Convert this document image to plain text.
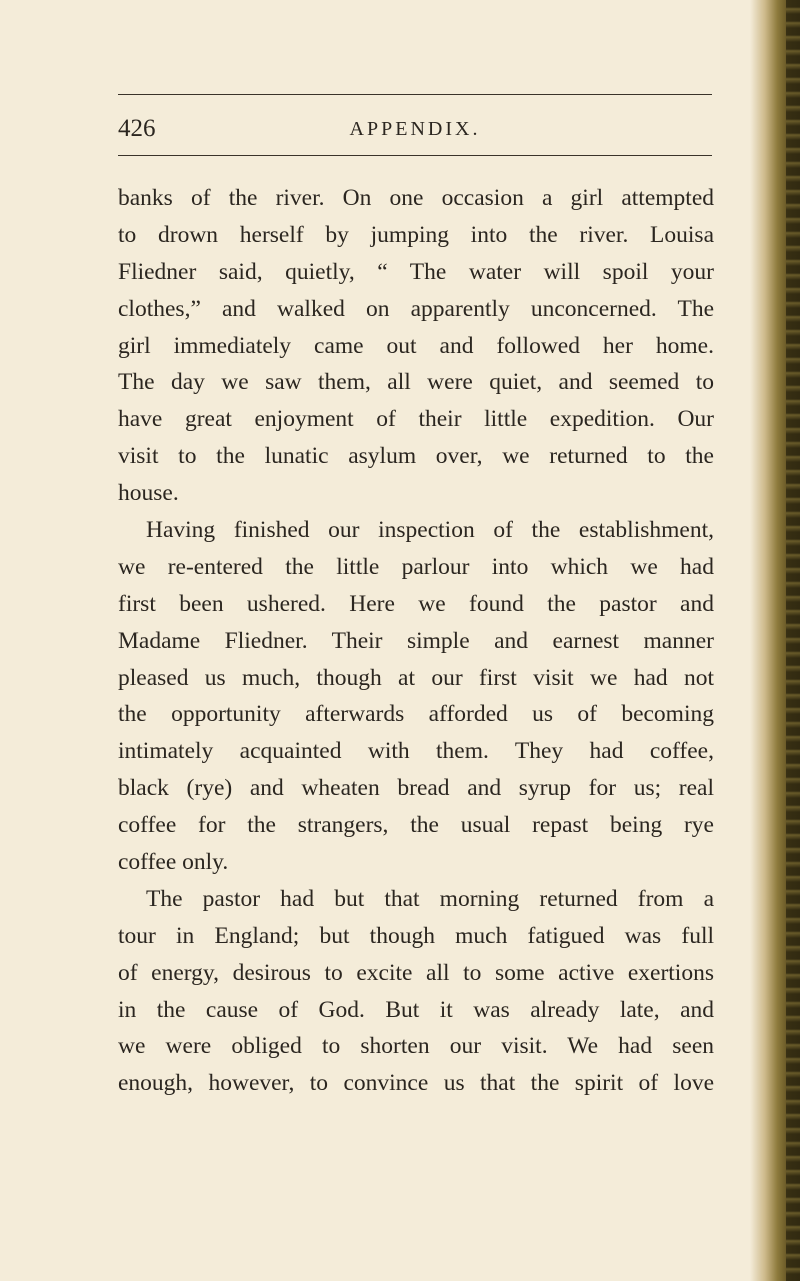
426	APPENDIX.
banks of the river. On one occasion a girl attempted
to drown herself by jumping into the river. Louisa
Fliedner said, quietly, “ The water will spoil your
clothes,” and walked on apparently unconcerned. The
girl immediately came out and followed her home.
The day we saw them, all were quiet, and seemed to
have great enjoyment of their little expedition. Our
visit to the lunatic asylum over, we returned to the
house.
Having finished our inspection of the establishment,
we re-entered the little parlour into which we had
first been ushered. Here we found the pastor and
Madame Fliedner. Their simple and earnest manner
pleased us much, though at our first visit we had not
the opportunity afterwards afforded us of becoming
intimately acquainted with them. They had coffee,
black (rye) and wheaten bread and syrup for us; real
coffee for the strangers, the usual repast being rye
coffee only.
The pastor had but that morning returned from a
tour in England; but though much fatigued was full
of energy, desirous to excite all to some active exertions
in the cause of God. But it was already late, and
we were obliged to shorten our visit. We had seen
enough, however, to convince us that the spirit of love
